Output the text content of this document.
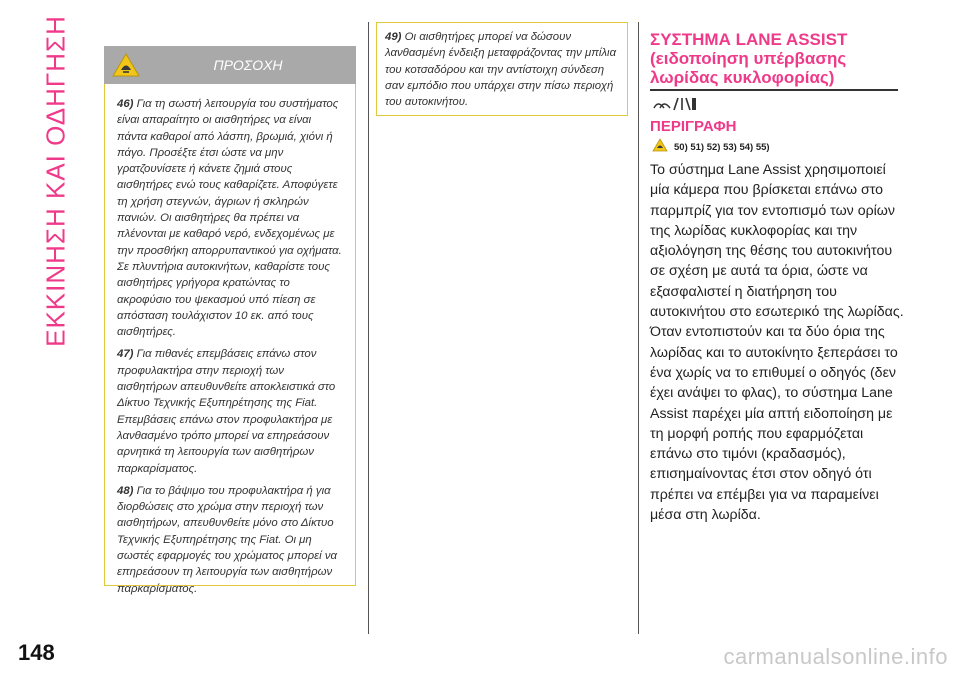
ΕΚΚΙΝΗΣΗ ΚΑΙ ΟΔΗΓΗΣΗ	ΠΡΟΣΟΧΗ

46) Για τη σωστή λειτουργία του συστήματος είναι απαραίτητο οι αισθητήρες να είναι πάντα καθαροί από λάσπη, βρωμιά, χιόνι ή πάγο. Προσέξτε έτσι ώστε να μην γρατζουνίσετε ή κάνετε ζημιά στους αισθητήρες ενώ τους καθαρίζετε. Αποφύγετε τη χρήση στεγνών, άγριων ή σκληρών πανιών. Οι αισθητήρες θα πρέπει να πλένονται με καθαρό νερό, ενδεχομένως με την προσθήκη απορρυπαντικού για οχήματα. Σε πλυντήρια αυτοκινήτων, καθαρίστε τους αισθητήρες γρήγορα κρατώντας το ακροφύσιο του ψεκασμού υπό πίεση σε απόσταση τουλάχιστον 10 εκ. από τους αισθητήρες.

47) Για πιθανές επεμβάσεις επάνω στον προφυλακτήρα στην περιοχή των αισθητήρων απευθυνθείτε αποκλειστικά στο Δίκτυο Τεχνικής Εξυπηρέτησης της Fiat. Επεμβάσεις επάνω στον προφυλακτήρα με λανθασμένο τρόπο μπορεί να επηρεάσουν αρνητικά τη λειτουργία των αισθητήρων παρκαρίσματος.

48) Για το βάψιμο του προφυλακτήρα ή για διορθώσεις στο χρώμα στην περιοχή των αισθητήρων, απευθυνθείτε μόνο στο Δίκτυο Τεχνικής Εξυπηρέτησης της Fiat. Οι μη σωστές εφαρμογές του χρώματος μπορεί να επηρεάσουν τη λειτουργία των αισθητήρων παρκαρίσματος.

49) Οι αισθητήρες μπορεί να δώσουν λανθασμένη ένδειξη μεταφράζοντας την μπίλια του κοτσαδόρου και την αντίστοιχη σύνδεση σαν εμπόδιο που υπάρχει στην πίσω περιοχή του αυτοκινήτου.

ΣΥΣΤΗΜΑ LANE ASSIST
(ειδοποίηση υπέρβασης
λωρίδας κυκλοφορίας)
ΠΕΡΙΓΡΑΦΗ
50) 51) 52) 53) 54) 55)

Το σύστημα Lane Assist χρησιμοποιεί μία κάμερα που βρίσκεται επάνω στο παρμπρίζ για τον εντοπισμό των ορίων της λωρίδας κυκλοφορίας και την αξιολόγηση της θέσης του αυτοκινήτου σε σχέση με αυτά τα όρια, ώστε να εξασφαλιστεί η διατήρηση του αυτοκινήτου στο εσωτερικό της λωρίδας.

Όταν εντοπιστούν και τα δύο όρια της λωρίδας και το αυτοκίνητο ξεπεράσει το ένα χωρίς να το επιθυμεί ο οδηγός (δεν έχει ανάψει το φλας), το σύστημα Lane Assist παρέχει μία απτή ειδοποίηση με τη μορφή ροπής που εφαρμόζεται επάνω στο τιμόνι (κραδασμός), επισημαίνοντας έτσι στον οδηγό ότι πρέπει να επέμβει για να παραμείνει μέσα στη λωρίδα.

148	carmanualsonline.info
